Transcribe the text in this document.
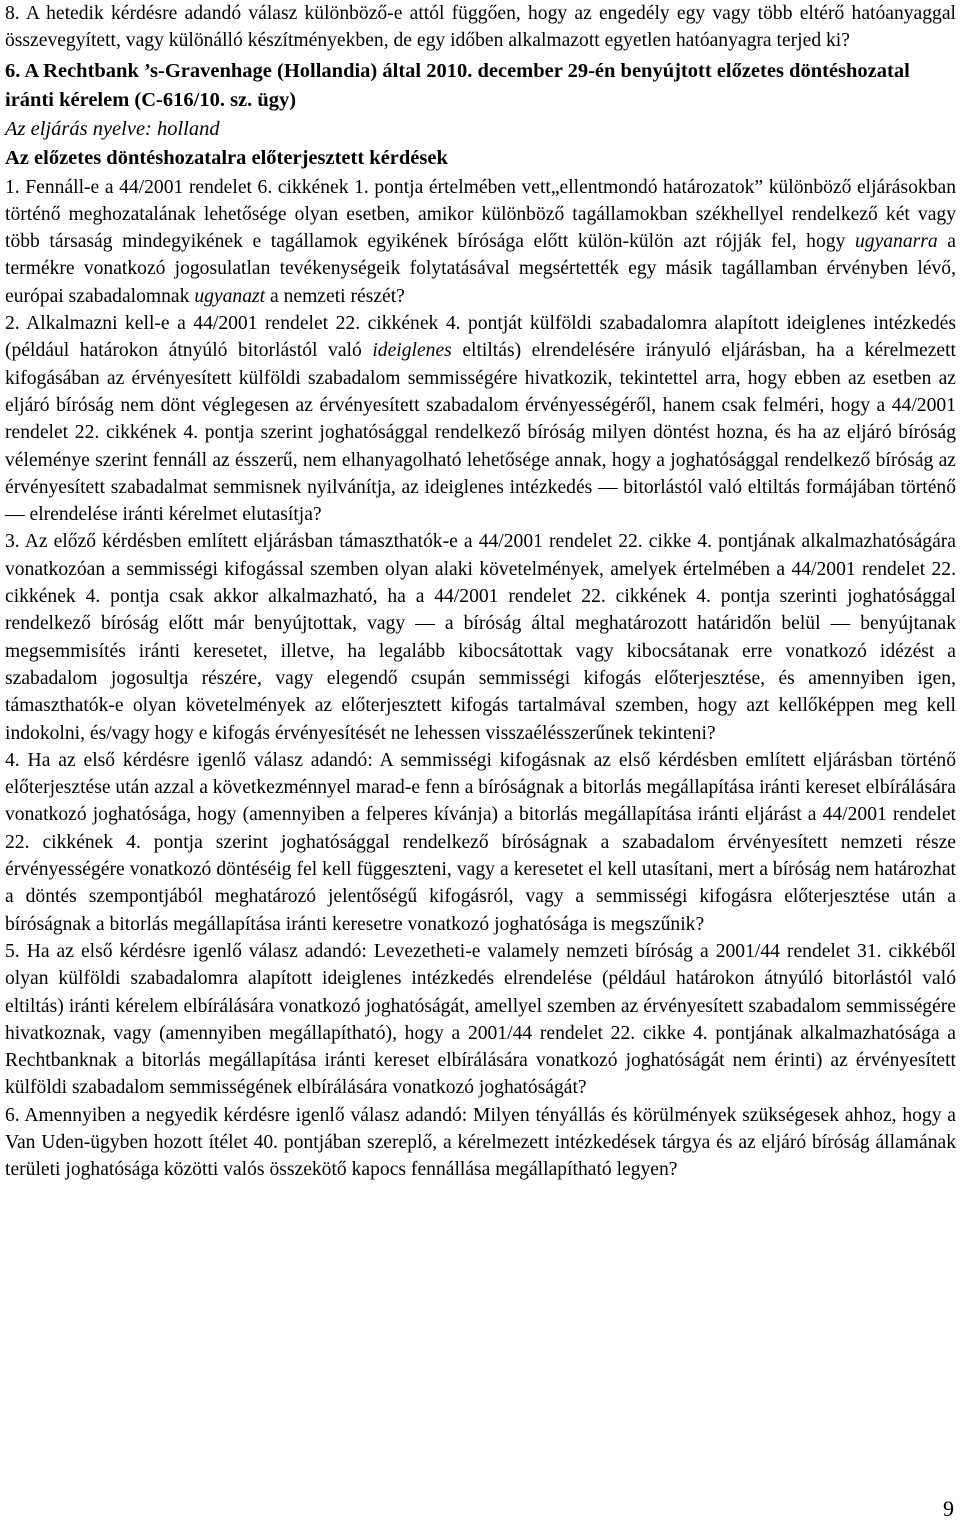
8. A hetedik kérdésre adandó válasz különböző-e attól függően, hogy az engedély egy vagy több eltérő hatóanyaggal összevegyített, vagy különálló készítményekben, de egy időben alkalmazott egyetlen hatóanyagra terjed ki?

6. A Rechtbank ’s-Gravenhage (Hollandia) által 2010. december 29-én benyújtott előzetes döntéshozatal iránti kérelem (C-616/10. sz. ügy)

Az eljárás nyelve: holland

Az előzetes döntéshozatalra előterjesztett kérdések

1. Fennáll-e a 44/2001 rendelet 6. cikkének 1. pontja értelmében vett„ellentmondó határozatok” különböző eljárásokban történő meghozatalának lehetősége olyan esetben, amikor különböző tagállamokban székhellyel rendelkező két vagy több társaság mindegyikének e tagállamok egyikének bírósága előtt külön-külön azt rójják fel, hogy ugyanarra a termékre vonatkozó jogosulatlan tevékenységeik folytatásával megsértették egy másik tagállamban érvényben lévő, európai szabadalomnak ugyanazt a nemzeti részét?

2. Alkalmazni kell-e a 44/2001 rendelet 22. cikkének 4. pontját külföldi szabadalomra alapított ideiglenes intézkedés (például határokon átnyúló bitorlástól való ideiglenes eltiltás) elrendelésére irányuló eljárásban, ha a kérelmezett kifogásában az érvényesített külföldi szabadalom semmisségére hivatkozik, tekintettel arra, hogy ebben az esetben az eljáró bíróság nem dönt véglegesen az érvényesített szabadalom érvényességéről, hanem csak felméri, hogy a 44/2001 rendelet 22. cikkének 4. pontja szerint joghatósággal rendelkező bíróság milyen döntést hozna, és ha az eljáró bíróság véleménye szerint fennáll az ésszerű, nem elhanyagolható lehetősége annak, hogy a joghatósággal rendelkező bíróság az érvényesített szabadalmat semmisnek nyilvánítja, az ideiglenes intézkedés — bitorlástól való eltiltás formájában történő — elrendelése iránti kérelmet elutasítja?

3. Az előző kérdésben említett eljárásban támaszthatók-e a 44/2001 rendelet 22. cikke 4. pontjának alkalmazhatóságára vonatkozóan a semmisségi kifogással szemben olyan alaki követelmények, amelyek értelmében a 44/2001 rendelet 22. cikkének 4. pontja csak akkor alkalmazható, ha a 44/2001 rendelet 22. cikkének 4. pontja szerinti joghatósággal rendelkező bíróság előtt már benyújtottak, vagy — a bíróság által meghatározott határidőn belül — benyújtanak megsemmisítés iránti keresetet, illetve, ha legalább kibocsátottak vagy kibocsátanak erre vonatkozó idézést a szabadalom jogosultja részére, vagy elegendő csupán semmisségi kifogás előterjesztése, és amennyiben igen, támaszthatók-e olyan követelmények az előterjesztett kifogás tartalmával szemben, hogy azt kellőképpen meg kell indokolni, és/vagy hogy e kifogás érvényesítését ne lehessen visszaélésszerűnek tekinteni?

4. Ha az első kérdésre igenlő válasz adandó: A semmisségi kifogásnak az első kérdésben említett eljárásban történő előterjesztése után azzal a következménnyel marad-e fenn a bíróságnak a bitorlás megállapítása iránti kereset elbírálására vonatkozó joghatósága, hogy (amennyiben a felperes kívánja) a bitorlás megállapítása iránti eljárást a 44/2001 rendelet 22. cikkének 4. pontja szerint joghatósággal rendelkező bíróságnak a szabadalom érvényesített nemzeti része érvényességére vonatkozó döntéséig fel kell függeszteni, vagy a keresetet el kell utasítani, mert a bíróság nem határozhat a döntés szempontjából meghatározó jelentőségű kifogásról, vagy a semmisségi kifogásra előterjesztése után a bíróságnak a bitorlás megállapítása iránti keresetre vonatkozó joghatósága is megszűnik?

5. Ha az első kérdésre igenlő válasz adandó: Levezetheti-e valamely nemzeti bíróság a 2001/44 rendelet 31. cikkéből olyan külföldi szabadalomra alapított ideiglenes intézkedés elrendelése (például határokon átnyúló bitorlástól való eltiltás) iránti kérelem elbírálására vonatkozó joghatóságát, amellyel szemben az érvényesített szabadalom semmisségére hivatkoznak, vagy (amennyiben megállapítható), hogy a 2001/44 rendelet 22. cikke 4. pontjának alkalmazhatósága a Rechtbanknak a bitorlás megállapítása iránti kereset elbírálására vonatkozó joghatóságát nem érinti) az érvényesített külföldi szabadalom semmisségének elbírálására vonatkozó joghatóságát?

6. Amennyiben a negyedik kérdésre igenlő válasz adandó: Milyen tényállás és körülmények szükségesek ahhoz, hogy a Van Uden-ügyben hozott ítélet 40. pontjában szereplő, a kérelmezett intézkedések tárgya és az eljáró bíróság államának területi joghatósága közötti valós összekötő kapocs fennállása megállapítható legyen?

9
